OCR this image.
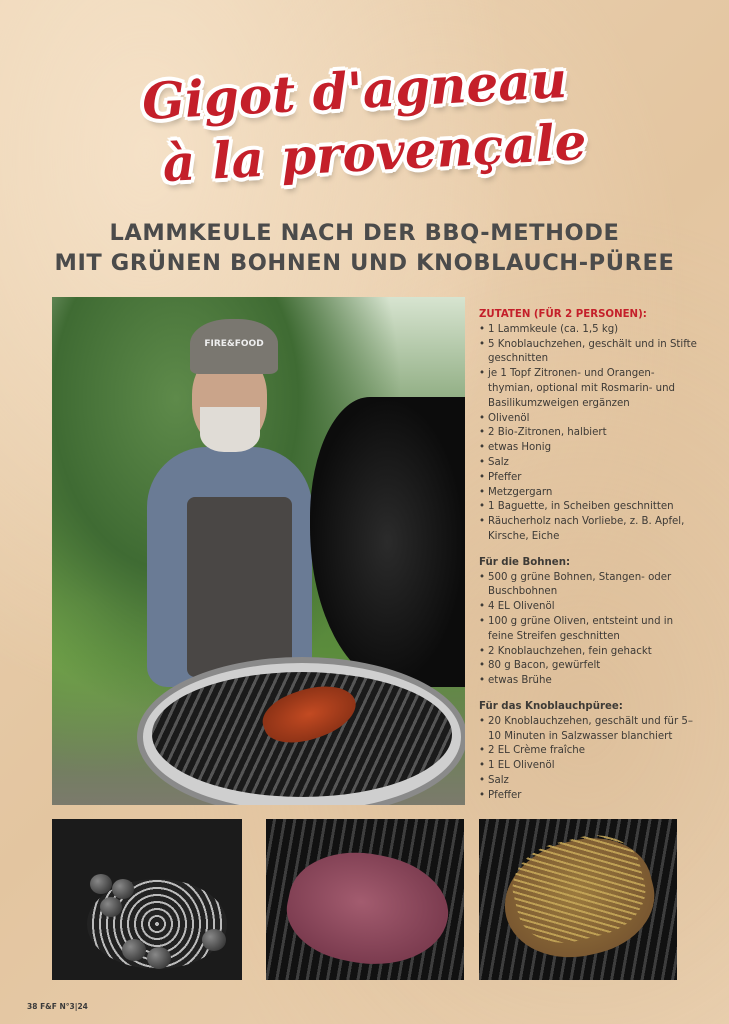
Gigot d'agneau
à la provençale
LAMMKEULE NACH DER BBQ-METHODE
MIT GRÜNEN BOHNEN UND KNOBLAUCH-PÜREE
FIRE&FOOD
ZUTATEN (FÜR 2 PERSONEN):
• 1 Lammkeule (ca. 1,5 kg)
• 5 Knoblauchzehen, geschält und in Stifte geschnitten
• je 1 Topf Zitronen- und Orangen-thymian, optional mit Rosmarin- und Basilikumzweigen ergänzen
• Olivenöl
• 2 Bio-Zitronen, halbiert
• etwas Honig
• Salz
• Pfeffer
• Metzgergarn
• 1 Baguette, in Scheiben geschnitten
• Räucherholz nach Vorliebe, z. B. Apfel, Kirsche, Eiche
Für die Bohnen:
• 500 g grüne Bohnen, Stangen- oder Buschbohnen
• 4 EL Olivenöl
• 100 g grüne Oliven, entsteint und in feine Streifen geschnitten
• 2 Knoblauchzehen, fein gehackt
• 80 g Bacon, gewürfelt
• etwas Brühe
Für das Knoblauchpüree:
• 20 Knoblauchzehen, geschält und für 5–10 Minuten in Salzwasser blanchiert
• 2 EL Crème fraîche
• 1 EL Olivenöl
• Salz
• Pfeffer
38 F&F N°3|24
